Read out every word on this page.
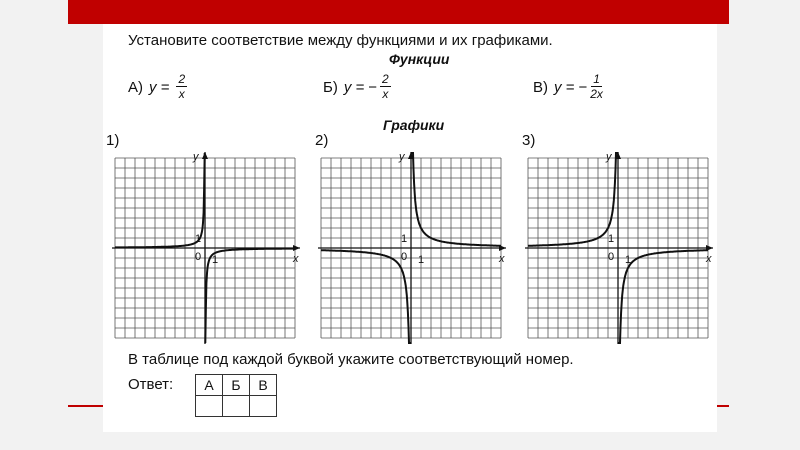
Установите соответствие между функциями и их графиками.
Функции
А) $y = \frac{2}{x}$	Б) y = − $\frac{2}{x}$	В) y = − $\frac{1}{2x}$
Графики
1)	2)	3)
y
x
0
1
1
y
x
0
1
1
y
x
0
1
1
В таблице под каждой буквой укажите соответствующий номер.
Ответ: А	Б	В
